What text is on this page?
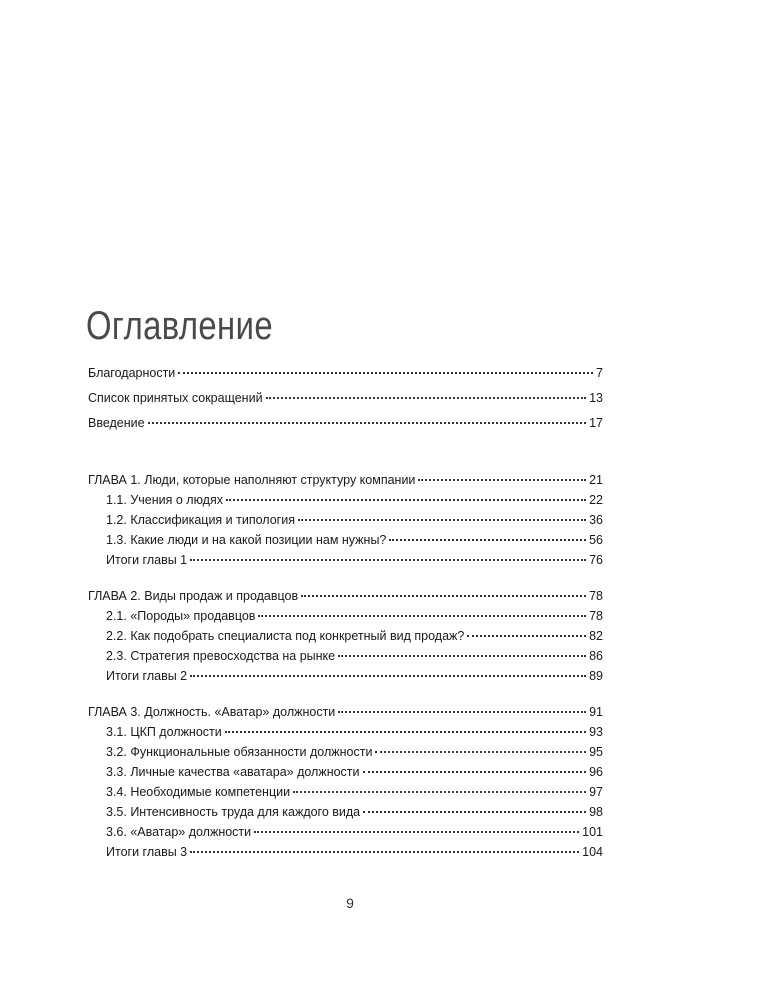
Оглавление
Благодарности	7
Список принятых сокращений	13
Введение	17
ГЛАВА 1. Люди, которые наполняют структуру компании	21
1.1. Учения о людях	22
1.2. Классификация и типология	36
1.3. Какие люди и на какой позиции нам нужны?	56
Итоги главы 1	76
ГЛАВА 2. Виды продаж и продавцов	78
2.1. «Породы» продавцов	78
2.2. Как подобрать специалиста под конкретный вид продаж?	82
2.3. Стратегия превосходства на рынке	86
Итоги главы 2	89
ГЛАВА 3. Должность. «Аватар» должности	91
3.1. ЦКП должности	93
3.2. Функциональные обязанности должности	95
3.3. Личные качества «аватара» должности	96
3.4. Необходимые компетенции	97
3.5. Интенсивность труда для каждого вида	98
3.6. «Аватар» должности	101
Итоги главы 3	104
9
